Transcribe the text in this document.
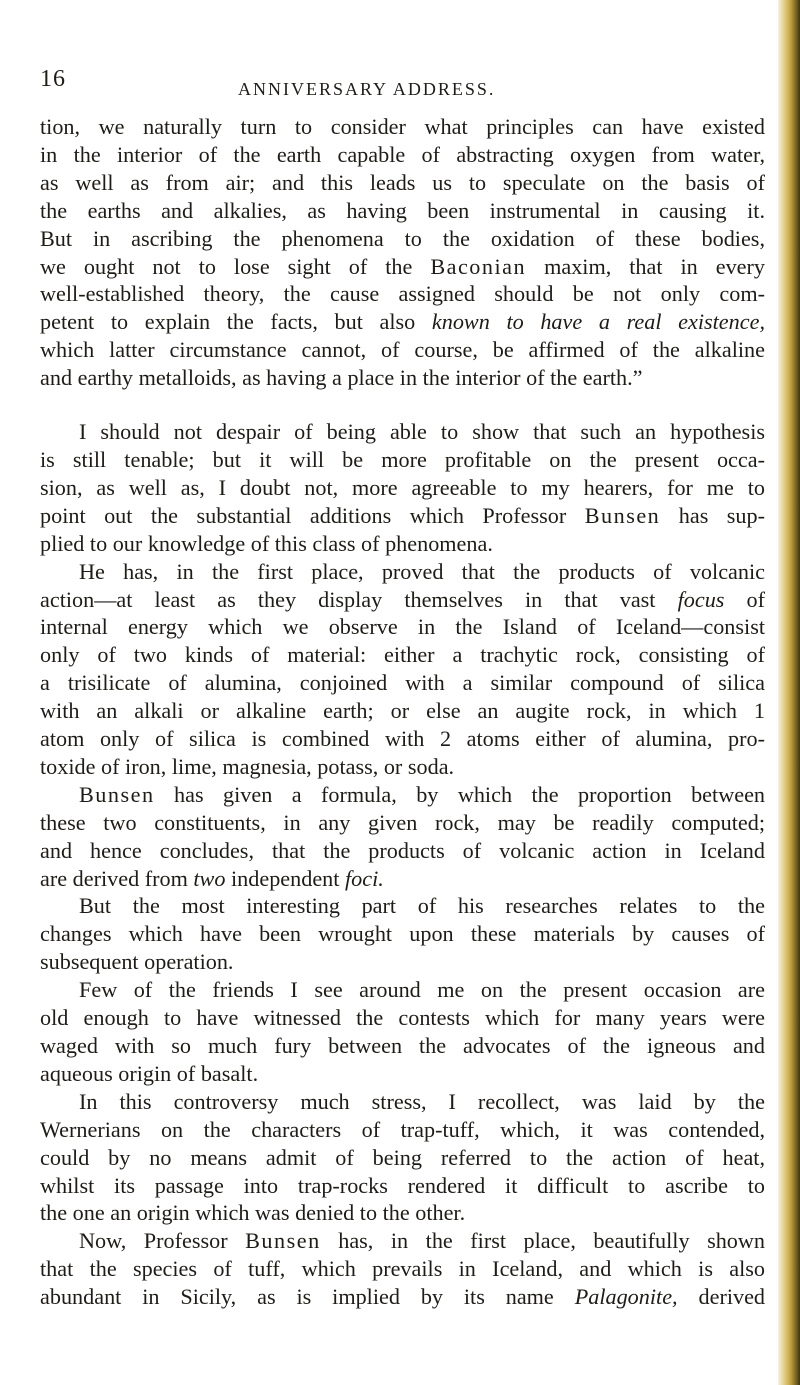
16	ANNIVERSARY ADDRESS.
tion, we naturally turn to consider what principles can have existed
in the interior of the earth capable of abstracting oxygen from water,
as well as from air; and this leads us to speculate on the basis of
the earths and alkalies, as having been instrumental in causing it.
But in ascribing the phenomena to the oxidation of these bodies,
we ought not to lose sight of the Baconian maxim, that in every
well-established theory, the cause assigned should be not only com-
petent to explain the facts, but also known to have a real existence,
which latter circumstance cannot, of course, be affirmed of the alkaline
and earthy metalloids, as having a place in the interior of the earth.”
I should not despair of being able to show that such an hypothesis
is still tenable; but it will be more profitable on the present occa-
sion, as well as, I doubt not, more agreeable to my hearers, for me to
point out the substantial additions which Professor Bunsen has sup-
plied to our knowledge of this class of phenomena.
He has, in the first place, proved that the products of volcanic
action—at least as they display themselves in that vast focus of
internal energy which we observe in the Island of Iceland—consist
only of two kinds of material: either a trachytic rock, consisting of
a trisilicate of alumina, conjoined with a similar compound of silica
with an alkali or alkaline earth; or else an augite rock, in which 1
atom only of silica is combined with 2 atoms either of alumina, pro-
toxide of iron, lime, magnesia, potass, or soda.
Bunsen has given a formula, by which the proportion between
these two constituents, in any given rock, may be readily computed;
and hence concludes, that the products of volcanic action in Iceland
are derived from two independent foci.
But the most interesting part of his researches relates to the
changes which have been wrought upon these materials by causes of
subsequent operation.
Few of the friends I see around me on the present occasion are
old enough to have witnessed the contests which for many years were
waged with so much fury between the advocates of the igneous and
aqueous origin of basalt.
In this controversy much stress, I recollect, was laid by the
Wernerians on the characters of trap-tuff, which, it was contended,
could by no means admit of being referred to the action of heat,
whilst its passage into trap-rocks rendered it difficult to ascribe to
the one an origin which was denied to the other.
Now, Professor Bunsen has, in the first place, beautifully shown
that the species of tuff, which prevails in Iceland, and which is also
abundant in Sicily, as is implied by its name Palagonite, derived
